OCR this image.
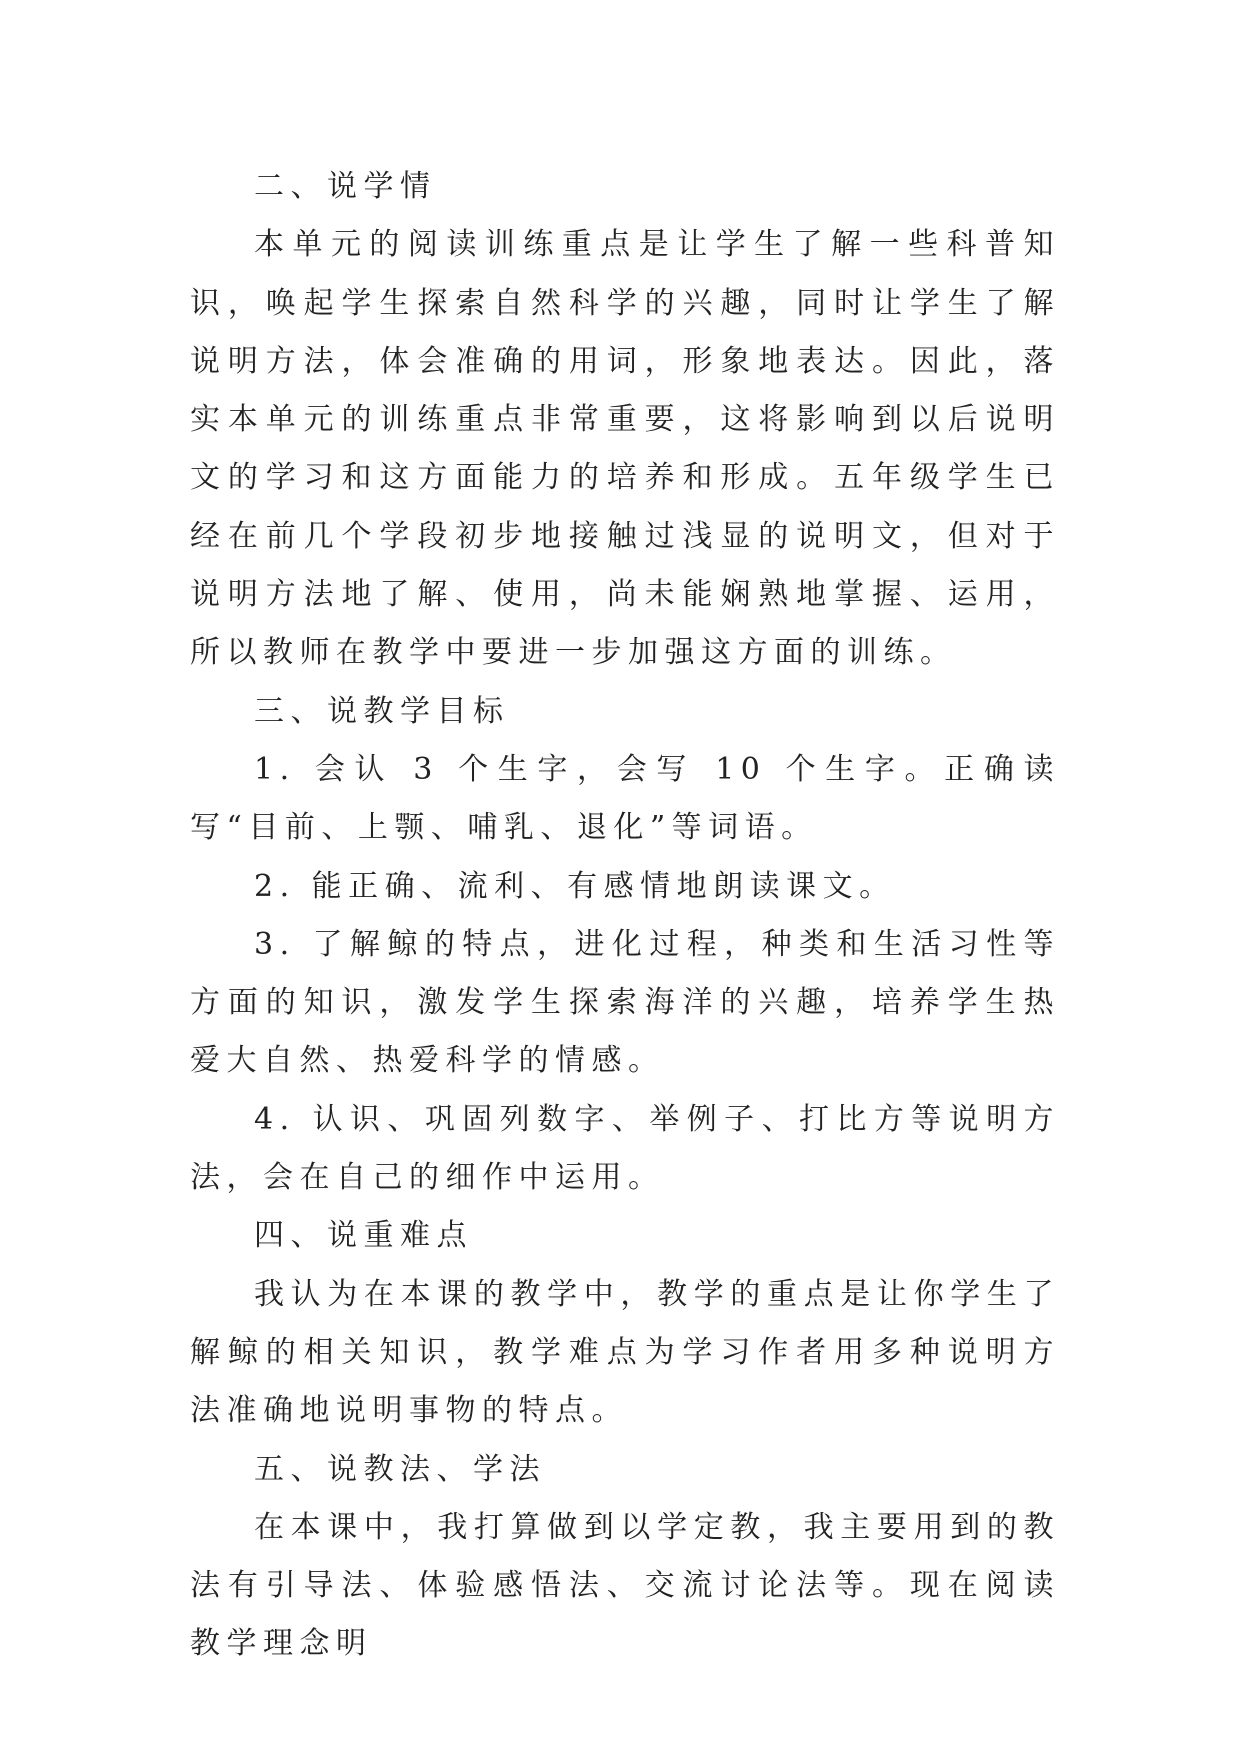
二、说学情

本单元的阅读训练重点是让学生了解一些科普知识，唤起学生探索自然科学的兴趣，同时让学生了解说明方法，体会准确的用词，形象地表达。因此，落实本单元的训练重点非常重要，这将影响到以后说明文的学习和这方面能力的培养和形成。五年级学生已经在前几个学段初步地接触过浅显的说明文，但对于说明方法地了解、使用，尚未能娴熟地掌握、运用，所以教师在教学中要进一步加强这方面的训练。

三、说教学目标

1. 会认 3 个生字，会写 10 个生字。正确读写“目前、上颚、哺乳、退化”等词语。

2. 能正确、流利、有感情地朗读课文。

3. 了解鲸的特点，进化过程，种类和生活习性等方面的知识，激发学生探索海洋的兴趣，培养学生热爱大自然、热爱科学的情感。

4. 认识、巩固列数字、举例子、打比方等说明方法，会在自己的细作中运用。

四、说重难点

我认为在本课的教学中，教学的重点是让你学生了解鲸的相关知识，教学难点为学习作者用多种说明方法准确地说明事物的特点。

五、说教法、学法

在本课中，我打算做到以学定教，我主要用到的教法有引导法、体验感悟法、交流讨论法等。现在阅读教学理念明
